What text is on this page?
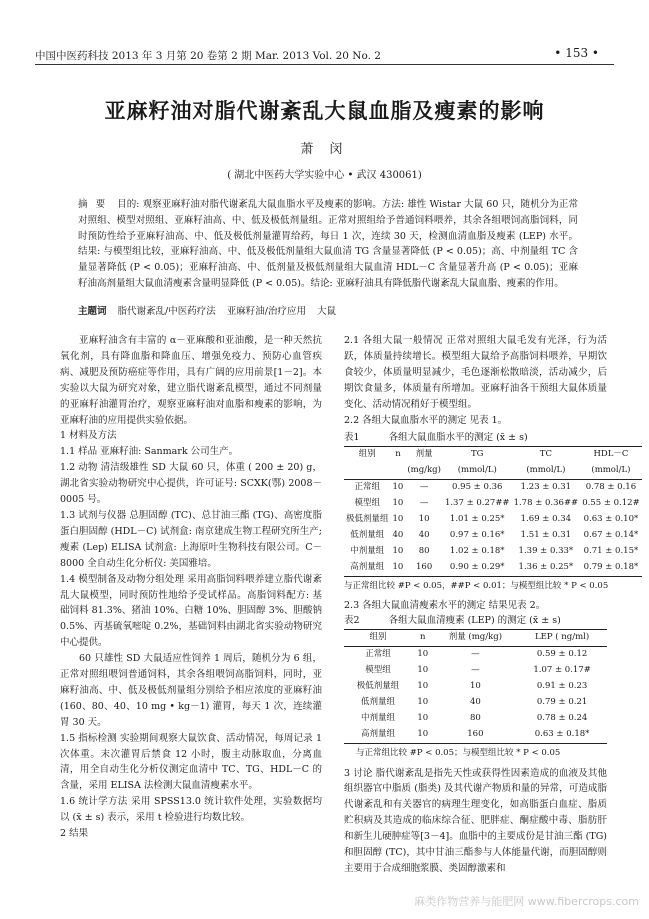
中国中医药科技 2013 年 3 月第 20 卷第 2 期 Mar. 2013 Vol. 20 No. 2	• 153 •
亚麻籽油对脂代谢紊乱大鼠血脂及瘦素的影响
萧 闵
( 湖北中医药大学实验中心 • 武汉 430061)
摘要 目的: 观察亚麻籽油对脂代谢紊乱大鼠血脂水平及瘦素的影响。方法: 雄性 Wistar 大鼠 60 只，随机分为正常对照组、模型对照组、亚麻籽油高、中、低及极低剂量组。正常对照组给予普通饲料喂养，其余各组喂饲高脂饲料，同时预防性给予亚麻籽油高、中、低及极低剂量灌胃给药，每日 1 次，连续 30 天，检测血清血脂及瘦素 (LEP) 水平。结果: 与模型组比较，亚麻籽油高、中、低及极低剂量组大鼠血清 TG 含量显著降低 (P < 0.05)；高、中剂量组 TC 含量显著降低 (P < 0.05)；亚麻籽油高、中、低剂量及极低剂量组大鼠血清 HDL－C 含量显著升高 (P < 0.05)；亚麻籽油高剂量组大鼠血清瘦素含量明显降低 (P < 0.05)。结论: 亚麻籽油具有降低脂代谢紊乱大鼠血脂、瘦素的作用。
主题词 脂代谢紊乱/中医药疗法 亚麻籽油/治疗应用 大鼠

亚麻籽油含有丰富的 α－亚麻酸和亚油酸，是一种天然抗氧化剂，具有降血脂和降血压、增强免疫力、预防心血管疾病、减肥及预防癌症等作用，具有广阔的应用前景[1－2]。本实验以大鼠为研究对象，建立脂代谢紊乱模型，通过不同剂量的亚麻籽油灌胃治疗，观察亚麻籽油对血脂和瘦素的影响，为亚麻籽油的应用提供实验依据。

1 材料及方法

1.1 样品 亚麻籽油: Sanmark 公司生产。

1.2 动物 清洁级雄性 SD 大鼠 60 只，体重 ( 200 ± 20) g，湖北省实验动物研究中心提供，许可证号: SCXK(鄂) 2008－0005 号。

1.3 试剂与仪器 总胆固醇 (TC)、总甘油三酯 (TG)、高密度脂蛋白胆固醇 (HDL－C) 试剂盒: 南京建成生物工程研究所生产; 瘦素 (Lep) ELISA 试剂盒: 上海原叶生物科技有限公司。C－8000 全自动生化分析仪: 美国雅培。

1.4 模型制备及动物分组处理 采用高脂饲料喂养建立脂代谢紊乱大鼠模型，同时预防性地给予受试样品。高脂饲料配方: 基础饲料 81.3%、猪油 10%、白糖 10%、胆固醇 3%、胆酸钠 0.5%、丙基硫氧嘧啶 0.2%，基础饲料由湖北省实验动物研究中心提供。

60 只雄性 SD 大鼠适应性饲养 1 周后，随机分为 6 组，正常对照组喂饲普通饲料，其余各组喂饲高脂饲料，同时，亚麻籽油高、中、低及极低剂量组分别给予相应浓度的亚麻籽油 (160、80、40、10 mg • kg－1) 灌胃，每天 1 次，连续灌胃 30 天。

1.5 指标检测 实验期间观察大鼠饮食、活动情况，每周记录 1 次体重。末次灌胃后禁食 12 小时，腹主动脉取血，分离血清，用全自动生化分析仪测定血清中 TC、TG、HDL－C 的含量，采用 ELISA 法检测大鼠血清瘦素水平。

1.6 统计学方法 采用 SPSS13.0 统计软件处理，实验数据均以 (x̄ ± s) 表示，采用 t 检验进行均数比较。

2 结果

2.1 各组大鼠一般情况 正常对照组大鼠毛发有光泽，行为活跃，体质量持续增长。模型组大鼠给予高脂饲料喂养，早期饮食较少，体质量明显减少，毛色逐渐松散暗淡，活动减少，后期饮食量多，体质量有所增加。亚麻籽油各干预组大鼠体质量变化、活动情况稍好于模型组。

2.2 各组大鼠血脂水平的测定 见表 1。

表1	各组大鼠血脂水平的测定 (x̄ ± s)
组别	n	剂量	TG	TC	HDL－C
		(mg/kg)	(mmol/L)	(mmol/L)	(mmol/L)
正常组	10	—	0.95 ± 0.36	1.23 ± 0.31	0.78 ± 0.16
模型组	10	—	1.37 ± 0.27##	1.78 ± 0.36##	0.55 ± 0.12#
极低剂量组	10	10	1.01 ± 0.25*	1.69 ± 0.34	0.63 ± 0.10*
低剂量组	40	40	0.97 ± 0.16*	1.51 ± 0.31	0.67 ± 0.14*
中剂量组	10	80	1.02 ± 0.18*	1.39 ± 0.33*	0.71 ± 0.15*
高剂量组	10	160	0.90 ± 0.29*	1.36 ± 0.25*	0.79 ± 0.18*
与正常组比较 #P < 0.05，##P < 0.01；与模型组比较 * P < 0.05

2.3 各组大鼠血清瘦素水平的测定 结果见表 2。

表2	各组大鼠血清瘦素 (LEP) 的测定 (x̄ ± s)
组别	n	剂量 (mg/kg)	LEP ( ng/ml)
正常组	10	—	0.59 ± 0.12
模型组	10	—	1.07 ± 0.17#
极低剂量组	10	10	0.91 ± 0.23
低剂量组	10	40	0.79 ± 0.21
中剂量组	10	80	0.78 ± 0.24
高剂量组	10	160	0.63 ± 0.18*
与正常组比较 #P < 0.05；与模型组比较 * P < 0.05

3 讨论 脂代谢紊乱是指先天性或获得性因素造成的血液及其他组织器官中脂质 (脂类) 及其代谢产物质和量的异常，可造成脂代谢紊乱和有关器官的病理生理变化，如高脂蛋白血症、脂质贮积病及其造成的临床综合征、肥胖症、酮症酸中毒、脂肪肝和新生儿硬肿症等[3－4]。血脂中的主要成份是甘油三酯 (TG) 和胆固醇 (TC)，其中甘油三酯参与人体能量代谢，而胆固醇则主要用于合成细胞浆膜、类固醇激素和

麻类作物营养与能肥网 www.fibercrops.com
